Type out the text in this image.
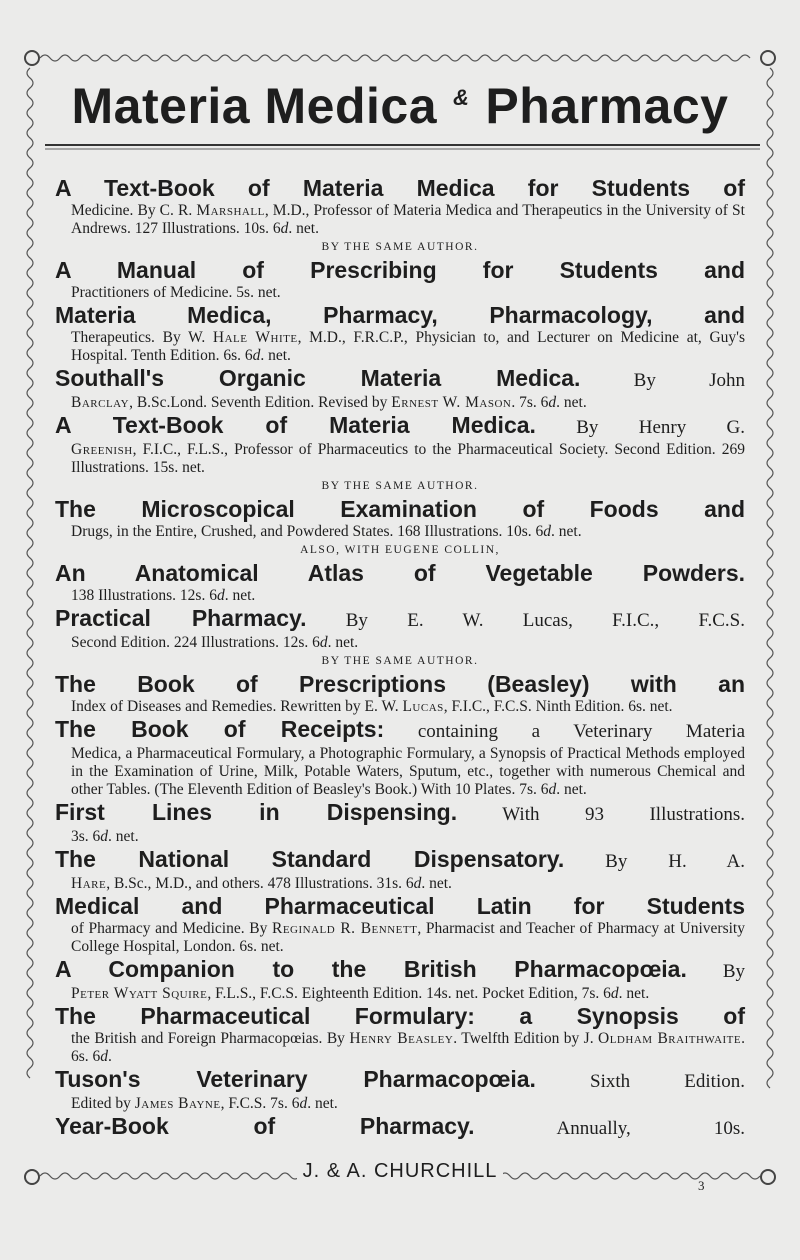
Materia Medica & Pharmacy
A Text-Book of Materia Medica for Students of
Medicine. By C. R. Marshall, M.D., Professor of Materia Medica and Therapeutics in the University of St Andrews. 127 Illustrations. 10s. 6d. net.
BY THE SAME AUTHOR.
A Manual of Prescribing for Students and
Practitioners of Medicine. 5s. net.
Materia Medica, Pharmacy, Pharmacology, and
Therapeutics. By W. Hale White, M.D., F.R.C.P., Physician to, and Lecturer on Medicine at, Guy's Hospital. Tenth Edition. 6s. 6d. net.
Southall's Organic Materia Medica. By John
Barclay, B.Sc.Lond. Seventh Edition. Revised by Ernest W. Mason. 7s. 6d. net.
A Text-Book of Materia Medica. By Henry G.
Greenish, F.I.C., F.L.S., Professor of Pharmaceutics to the Pharmaceutical Society. Second Edition. 269 Illustrations. 15s. net.
BY THE SAME AUTHOR.
The Microscopical Examination of Foods and
Drugs, in the Entire, Crushed, and Powdered States. 168 Illustrations. 10s. 6d. net.
ALSO, WITH EUGENE COLLIN,
An Anatomical Atlas of Vegetable Powders.
138 Illustrations. 12s. 6d. net.
Practical Pharmacy. By E. W. Lucas, F.I.C., F.C.S.
Second Edition. 224 Illustrations. 12s. 6d. net.
BY THE SAME AUTHOR.
The Book of Prescriptions (Beasley) with an
Index of Diseases and Remedies. Rewritten by E. W. Lucas, F.I.C., F.C.S. Ninth Edition. 6s. net.
The Book of Receipts: containing a Veterinary Materia
Medica, a Pharmaceutical Formulary, a Photographic Formulary, a Synopsis of Practical Methods employed in the Examination of Urine, Milk, Potable Waters, Sputum, etc., together with numerous Chemical and other Tables. (The Eleventh Edition of Beasley's Book.) With 10 Plates. 7s. 6d. net.
First Lines in Dispensing. With 93 Illustrations.
3s. 6d. net.
The National Standard Dispensatory. By H. A.
Hare, B.Sc., M.D., and others. 478 Illustrations. 31s. 6d. net.
Medical and Pharmaceutical Latin for Students
of Pharmacy and Medicine. By Reginald R. Bennett, Pharmacist and Teacher of Pharmacy at University College Hospital, London. 6s. net.
A Companion to the British Pharmacopœia. By
Peter Wyatt Squire, F.L.S., F.C.S. Eighteenth Edition. 14s. net. Pocket Edition, 7s. 6d. net.
The Pharmaceutical Formulary: a Synopsis of
the British and Foreign Pharmacopœias. By Henry Beasley. Twelfth Edition by J. Oldham Braithwaite. 6s. 6d.
Tuson's Veterinary Pharmacopœia. Sixth Edition.
Edited by James Bayne, F.C.S. 7s. 6d. net.
Year-Book of Pharmacy. Annually, 10s.
J. & A. CHURCHILL
3
